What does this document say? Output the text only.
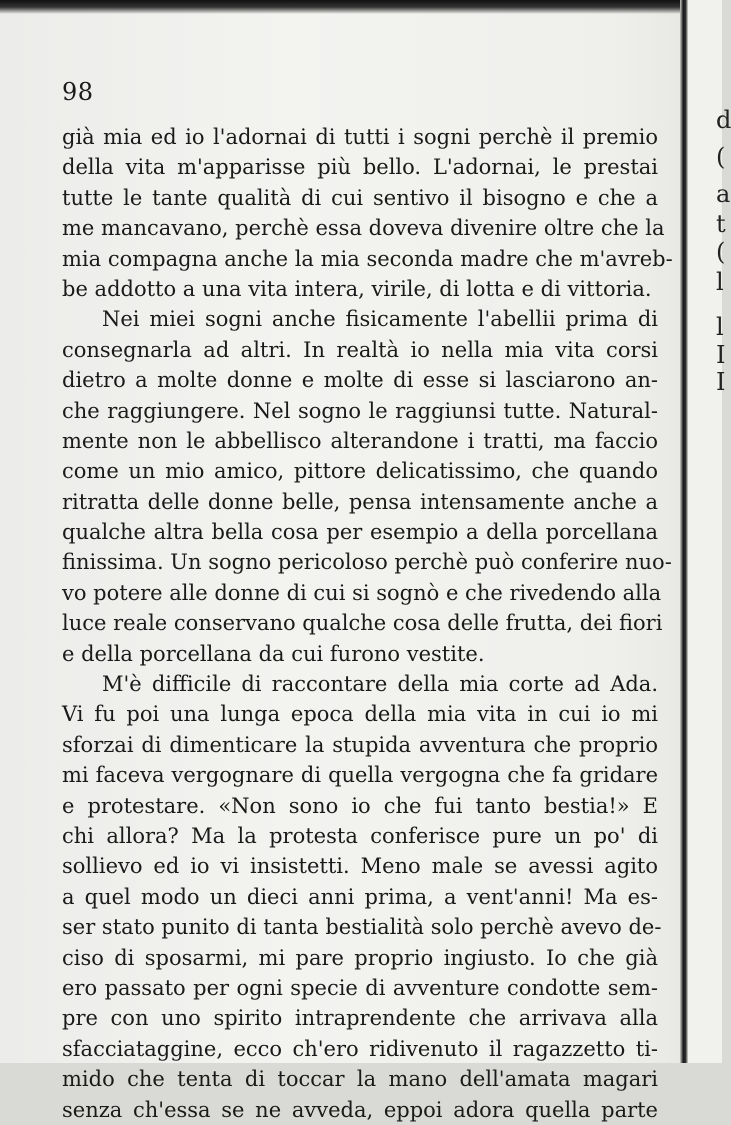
98
già mia ed io l'adornai di tutti i sogni perchè il premio
della vita m'apparisse più bello. L'adornai, le prestai
tutte le tante qualità di cui sentivo il bisogno e che a
me mancavano, perchè essa doveva divenire oltre che la
mia compagna anche la mia seconda madre che m'avreb-
be addotto a una vita intera, virile, di lotta e di vittoria.
Nei miei sogni anche fisicamente l'abellii prima di
consegnarla ad altri. In realtà io nella mia vita corsi
dietro a molte donne e molte di esse si lasciarono an-
che raggiungere. Nel sogno le raggiunsi tutte. Natural-
mente non le abbellisco alterandone i tratti, ma faccio
come un mio amico, pittore delicatissimo, che quando
ritratta delle donne belle, pensa intensamente anche a
qualche altra bella cosa per esempio a della porcellana
finissima. Un sogno pericoloso perchè può conferire nuo-
vo potere alle donne di cui si sognò e che rivedendo alla
luce reale conservano qualche cosa delle frutta, dei fiori
e della porcellana da cui furono vestite.
M'è difficile di raccontare della mia corte ad Ada.
Vi fu poi una lunga epoca della mia vita in cui io mi
sforzai di dimenticare la stupida avventura che proprio
mi faceva vergognare di quella vergogna che fa gridare
e protestare. «Non sono io che fui tanto bestia!» E
chi allora? Ma la protesta conferisce pure un po' di
sollievo ed io vi insistetti. Meno male se avessi agito
a quel modo un dieci anni prima, a vent'anni! Ma es-
ser stato punito di tanta bestialità solo perchè avevo de-
ciso di sposarmi, mi pare proprio ingiusto. Io che già
ero passato per ogni specie di avventure condotte sem-
pre con uno spirito intraprendente che arrivava alla
sfacciataggine, ecco ch'ero ridivenuto il ragazzetto ti-
mido che tenta di toccar la mano dell'amata magari
senza ch'essa se ne avveda, eppoi adora quella parte
d
(
a
t
(
l
l
I
I
